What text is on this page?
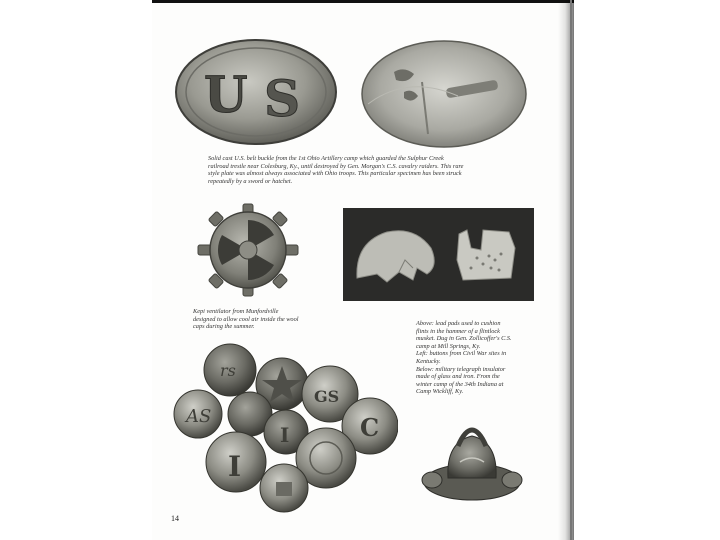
U S

Solid cast U.S. belt buckle from the 1st Ohio Artillery camp which guarded the Sulphur Creek
railroad trestle near Colesburg, Ky., until destroyed by Gen. Morgan's C.S. cavalry raiders. This rare
style plate was almost always associated with Ohio troops. This particular specimen has been struck
repeatedly by a sword or hatchet.

Kepi ventilator from Munfordville
designed to allow cool air inside the wool
caps during the summer.

I
I
GS
C
AS
rs

Above: lead pads used to cushion
flints in the hammer of a flintlock
musket. Dug in Gen. Zollicoffer's C.S.
camp at Mill Springs, Ky.
Left: buttons from Civil War sites in
Kentucky.
Below: military telegraph insulator
made of glass and iron. From the
winter camp of the 34th Indiana at
Camp Wickliff, Ky.

14
